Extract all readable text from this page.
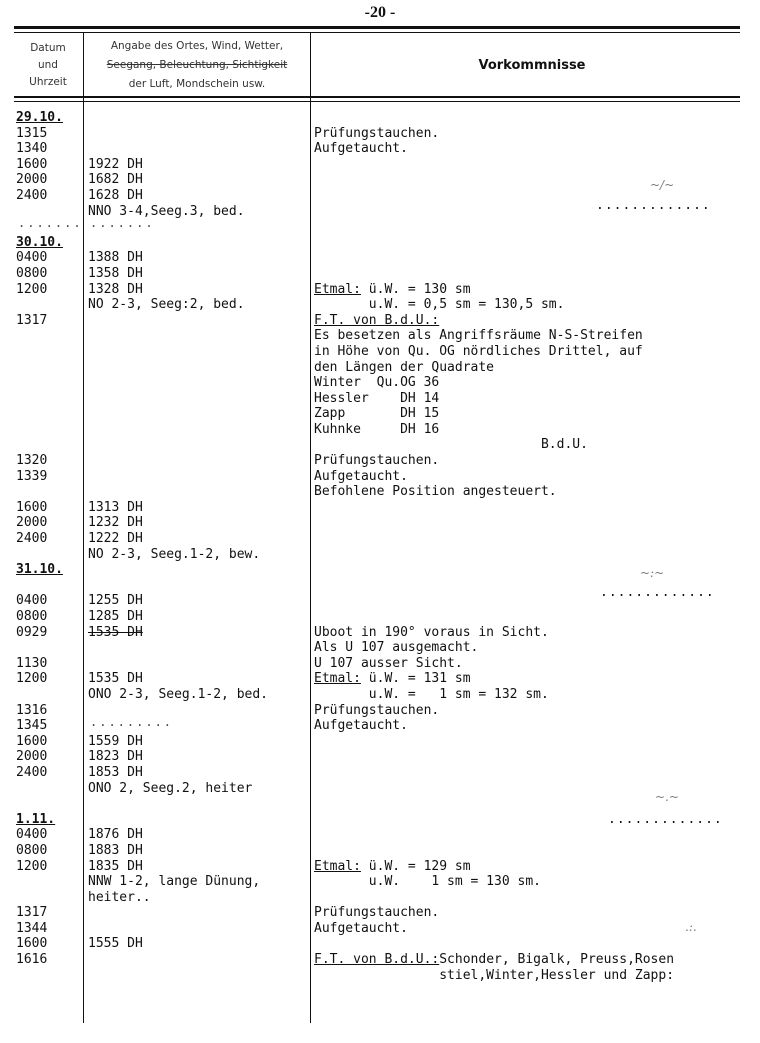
-20 -
Datum
und
Uhrzeit
Angabe des Ortes, Wind, Wetter,
Seegang, Beleuchtung, Sichtigkeit
der Luft, Mondschein usw.
Vorkommnisse
29.10.
1315
1340
1600
2000
2400
30.10.
0400
0800
1200
1317
1320
1339
1600
2000
2400
31.10.
0400
0800
0929
1130
1200
1316
1345
1600
2000
2400
1.11.
0400
0800
1200
1317
1344
1600
1616
1922 DH
1682 DH
1628 DH
NNO 3-4,Seeg.3, bed.
1388 DH
1358 DH
1328 DH
NO 2-3, Seeg:2, bed.
1313 DH
1232 DH
1222 DH
NO 2-3, Seeg.1-2, bew.
1255 DH
1285 DH
1535 DH
1535 DH
ONO 2-3, Seeg.1-2, bed.
1559 DH
1823 DH
1853 DH
ONO 2, Seeg.2, heiter
1876 DH
1883 DH
1835 DH
NNW 1-2, lange Dünung,
heiter..
1555 DH
Prüfungstauchen.
Aufgetaucht.
Etmal: ü.W. = 130 sm
u.W. = 0,5 sm = 130,5 sm.
F.T. von B.d.U.:
Es besetzen als Angriffsräume N-S-Streifen
in Höhe von Qu. OG nördliches Drittel, auf
den Längen der Quadrate
Winter  Qu.OG 36
Hessler    DH 14
Zapp       DH 15
Kuhnke     DH 16
B.d.U.
Prüfungstauchen.
Aufgetaucht.
Befohlene Position angesteuert.
Uboot in 190° voraus in Sicht.
Als U 107 ausgemacht.
U 107 ausser Sicht.
Etmal: ü.W. = 131 sm
u.W. =   1 sm = 132 sm.
Prüfungstauchen.
Aufgetaucht.
Etmal: ü.W. = 129 sm
u.W.    1 sm = 130 sm.
Prüfungstauchen.
Aufgetaucht.
F.T. von B.d.U.:Schonder, Bigalk, Preuss,Rosen
stiel,Winter,Hessler und Zapp:
....... .......
.........
.............
.............
.............
~/~
~:~
~.~
.:.
